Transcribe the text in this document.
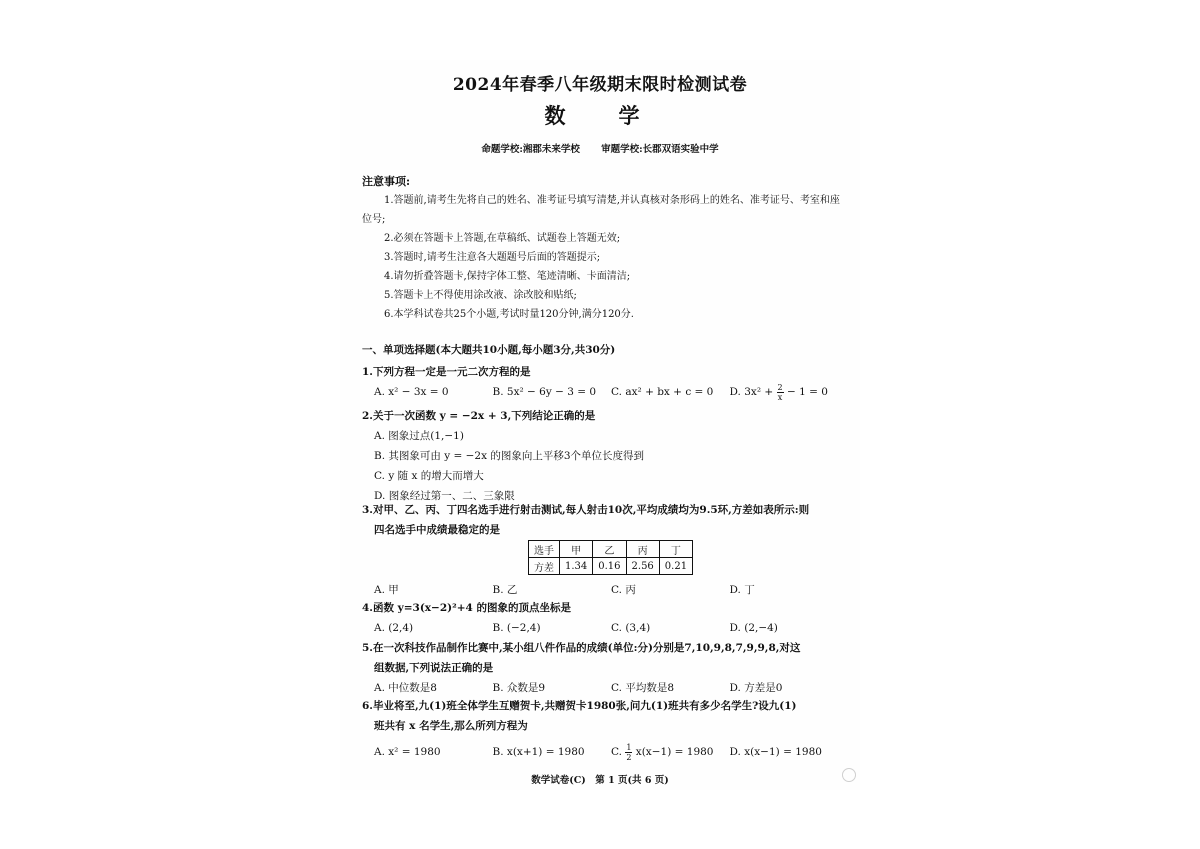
2024年春季八年级期末限时检测试卷
数　学
命题学校:湘郡未来学校 审题学校:长郡双语实验中学
注意事项:
1.答题前,请考生先将自己的姓名、准考证号填写清楚,并认真核对条形码上的姓名、准考证号、考室和座位号;
2.必须在答题卡上答题,在草稿纸、试题卷上答题无效;
3.答题时,请考生注意各大题题号后面的答题提示;
4.请勿折叠答题卡,保持字体工整、笔迹清晰、卡面清洁;
5.答题卡上不得使用涂改液、涂改胶和贴纸;
6.本学科试卷共25个小题,考试时量120分钟,满分120分.
一、单项选择题(本大题共10小题,每小题3分,共30分)
1.下列方程一定是一元二次方程的是
A. x² − 3x = 0	B. 5x² − 6y − 3 = 0	C. ax² + bx + c = 0	D. $3x^2 + \frac{2}{x} - 1 = 0$
2.关于一次函数 y = −2x + 3,下列结论正确的是
A. 图象过点(1,−1)
B. 其图象可由 y = −2x 的图象向上平移3个单位长度得到
C. y 随 x 的增大而增大
D. 图象经过第一、二、三象限
3.对甲、乙、丙、丁四名选手进行射击测试,每人射击10次,平均成绩均为9.5环,方差如表所示:则
四名选手中成绩最稳定的是
选手	甲	乙	丙	丁
方差	1.34	0.16	2.56	0.21
A. 甲	B. 乙	C. 丙	D. 丁
4.函数 y=3(x−2)²+4 的图象的顶点坐标是
A. (2,4)	B. (−2,4)	C. (3,4)	D. (2,−4)
5.在一次科技作品制作比赛中,某小组八件作品的成绩(单位:分)分别是7,10,9,8,7,9,9,8,对这
组数据,下列说法正确的是
A. 中位数是8	B. 众数是9	C. 平均数是8	D. 方差是0
6.毕业将至,九(1)班全体学生互赠贺卡,共赠贺卡1980张,问九(1)班共有多少名学生?设九(1)
班共有 x 名学生,那么所列方程为
A. x² = 1980	B. x(x+1) = 1980	C. $\frac{1}{2} x(x-1) = 1980$	D. x(x−1) = 1980
数学试卷(C)　第 1 页(共 6 页)
